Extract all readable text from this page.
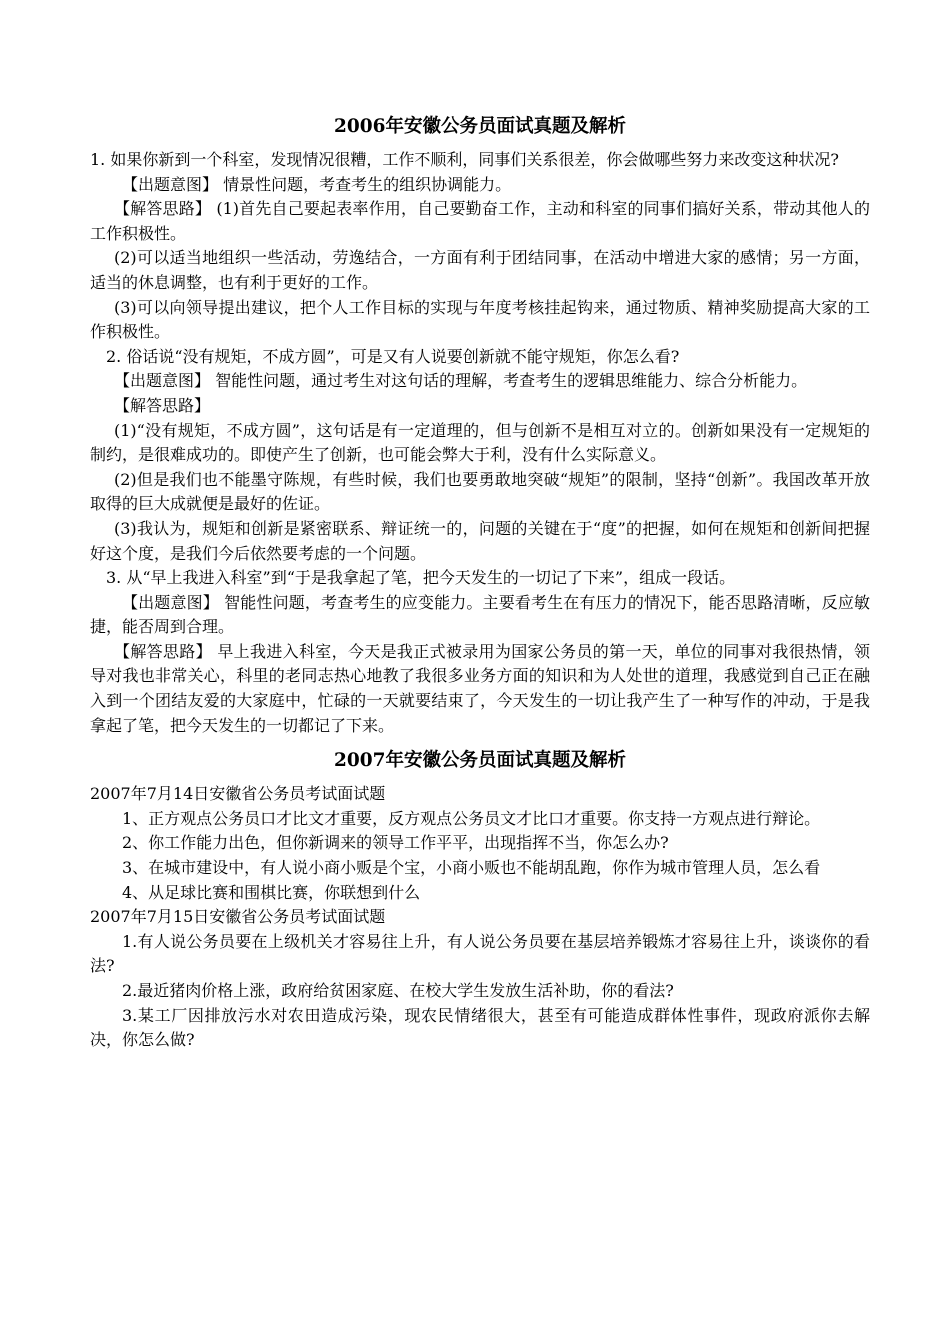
2006年安徽公务员面试真题及解析

1. 如果你新到一个科室，发现情况很糟，工作不顺利，同事们关系很差，你会做哪些努力来改变这种状况?

【出题意图】 情景性问题，考查考生的组织协调能力。

【解答思路】 (1)首先自己要起表率作用，自己要勤奋工作，主动和科室的同事们搞好关系，带动其他人的工作积极性。

(2)可以适当地组织一些活动，劳逸结合，一方面有利于团结同事，在活动中增进大家的感情；另一方面，适当的休息调整，也有利于更好的工作。

(3)可以向领导提出建议，把个人工作目标的实现与年度考核挂起钩来，通过物质、精神奖励提高大家的工作积极性。

2. 俗话说“没有规矩，不成方圆”，可是又有人说要创新就不能守规矩，你怎么看?

【出题意图】 智能性问题，通过考生对这句话的理解，考查考生的逻辑思维能力、综合分析能力。

【解答思路】

(1)“没有规矩，不成方圆”，这句话是有一定道理的，但与创新不是相互对立的。创新如果没有一定规矩的制约，是很难成功的。即使产生了创新，也可能会弊大于利，没有什么实际意义。

(2)但是我们也不能墨守陈规，有些时候，我们也要勇敢地突破“规矩”的限制，坚持“创新”。我国改革开放取得的巨大成就便是最好的佐证。

(3)我认为，规矩和创新是紧密联系、辩证统一的，问题的关键在于“度”的把握，如何在规矩和创新间把握好这个度，是我们今后依然要考虑的一个问题。

3. 从“早上我进入科室”到“于是我拿起了笔，把今天发生的一切记了下来”，组成一段话。

【出题意图】 智能性问题，考查考生的应变能力。主要看考生在有压力的情况下，能否思路清晰，反应敏捷，能否周到合理。

【解答思路】 早上我进入科室，今天是我正式被录用为国家公务员的第一天，单位的同事对我很热情，领导对我也非常关心，科里的老同志热心地教了我很多业务方面的知识和为人处世的道理，我感觉到自己正在融入到一个团结友爱的大家庭中，忙碌的一天就要结束了，今天发生的一切让我产生了一种写作的冲动，于是我拿起了笔，把今天发生的一切都记了下来。

2007年安徽公务员面试真题及解析

2007年7月14日安徽省公务员考试面试题

1、正方观点公务员口才比文才重要，反方观点公务员文才比口才重要。你支持一方观点进行辩论。

2、你工作能力出色，但你新调来的领导工作平平，出现指挥不当，你怎么办?

3、在城市建设中，有人说小商小贩是个宝，小商小贩也不能胡乱跑，你作为城市管理人员，怎么看

4、从足球比赛和围棋比赛，你联想到什么

2007年7月15日安徽省公务员考试面试题

1.有人说公务员要在上级机关才容易往上升，有人说公务员要在基层培养锻炼才容易往上升，谈谈你的看法?

2.最近猪肉价格上涨，政府给贫困家庭、在校大学生发放生活补助，你的看法?

3.某工厂因排放污水对农田造成污染，现农民情绪很大，甚至有可能造成群体性事件，现政府派你去解决，你怎么做?
